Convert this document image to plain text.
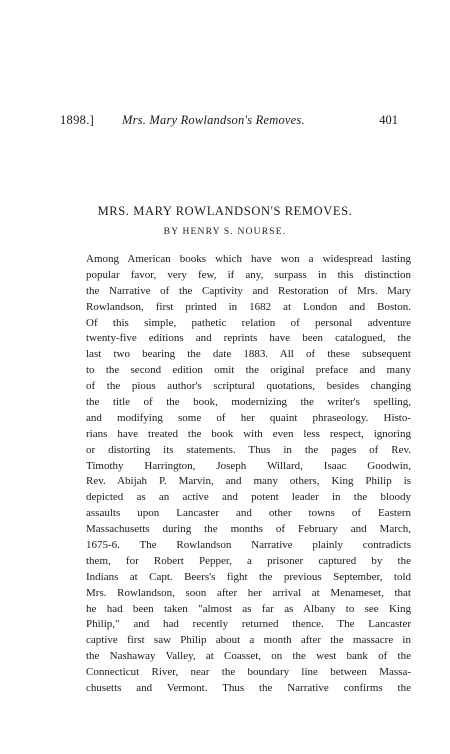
1898.] Mrs. Mary Rowlandson's Removes.	401
MRS. MARY ROWLANDSON'S REMOVES.
BY HENRY S. NOURSE.
Among American books which have won a widespread lasting
popular favor, very few, if any, surpass in this distinction
the Narrative of the Captivity and Restoration of Mrs. Mary
Rowlandson, first printed in 1682 at London and Boston.
Of this simple, pathetic relation of personal adventure
twenty-five editions and reprints have been catalogued, the
last two bearing the date 1883. All of these subsequent
to the second edition omit the original preface and many
of the pious author's scriptural quotations, besides changing
the title of the book, modernizing the writer's spelling,
and modifying some of her quaint phraseology. Histo-
rians have treated the book with even less respect, ignoring
or distorting its statements. Thus in the pages of Rev.
Timothy Harrington, Joseph Willard, Isaac Goodwin,
Rev. Abijah P. Marvin, and many others, King Philip is
depicted as an active and potent leader in the bloody
assaults upon Lancaster and other towns of Eastern
Massachusetts during the months of February and March,
1675-6. The Rowlandson Narrative plainly contradicts
them, for Robert Pepper, a prisoner captured by the
Indians at Capt. Beers's fight the previous September, told
Mrs. Rowlandson, soon after her arrival at Menameset, that
he had been taken "almost as far as Albany to see King
Philip," and had recently returned thence. The Lancaster
captive first saw Philip about a month after the massacre in
the Nashaway Valley, at Coasset, on the west bank of the
Connecticut River, near the boundary line between Massa-
chusetts and Vermont. Thus the Narrative confirms the
